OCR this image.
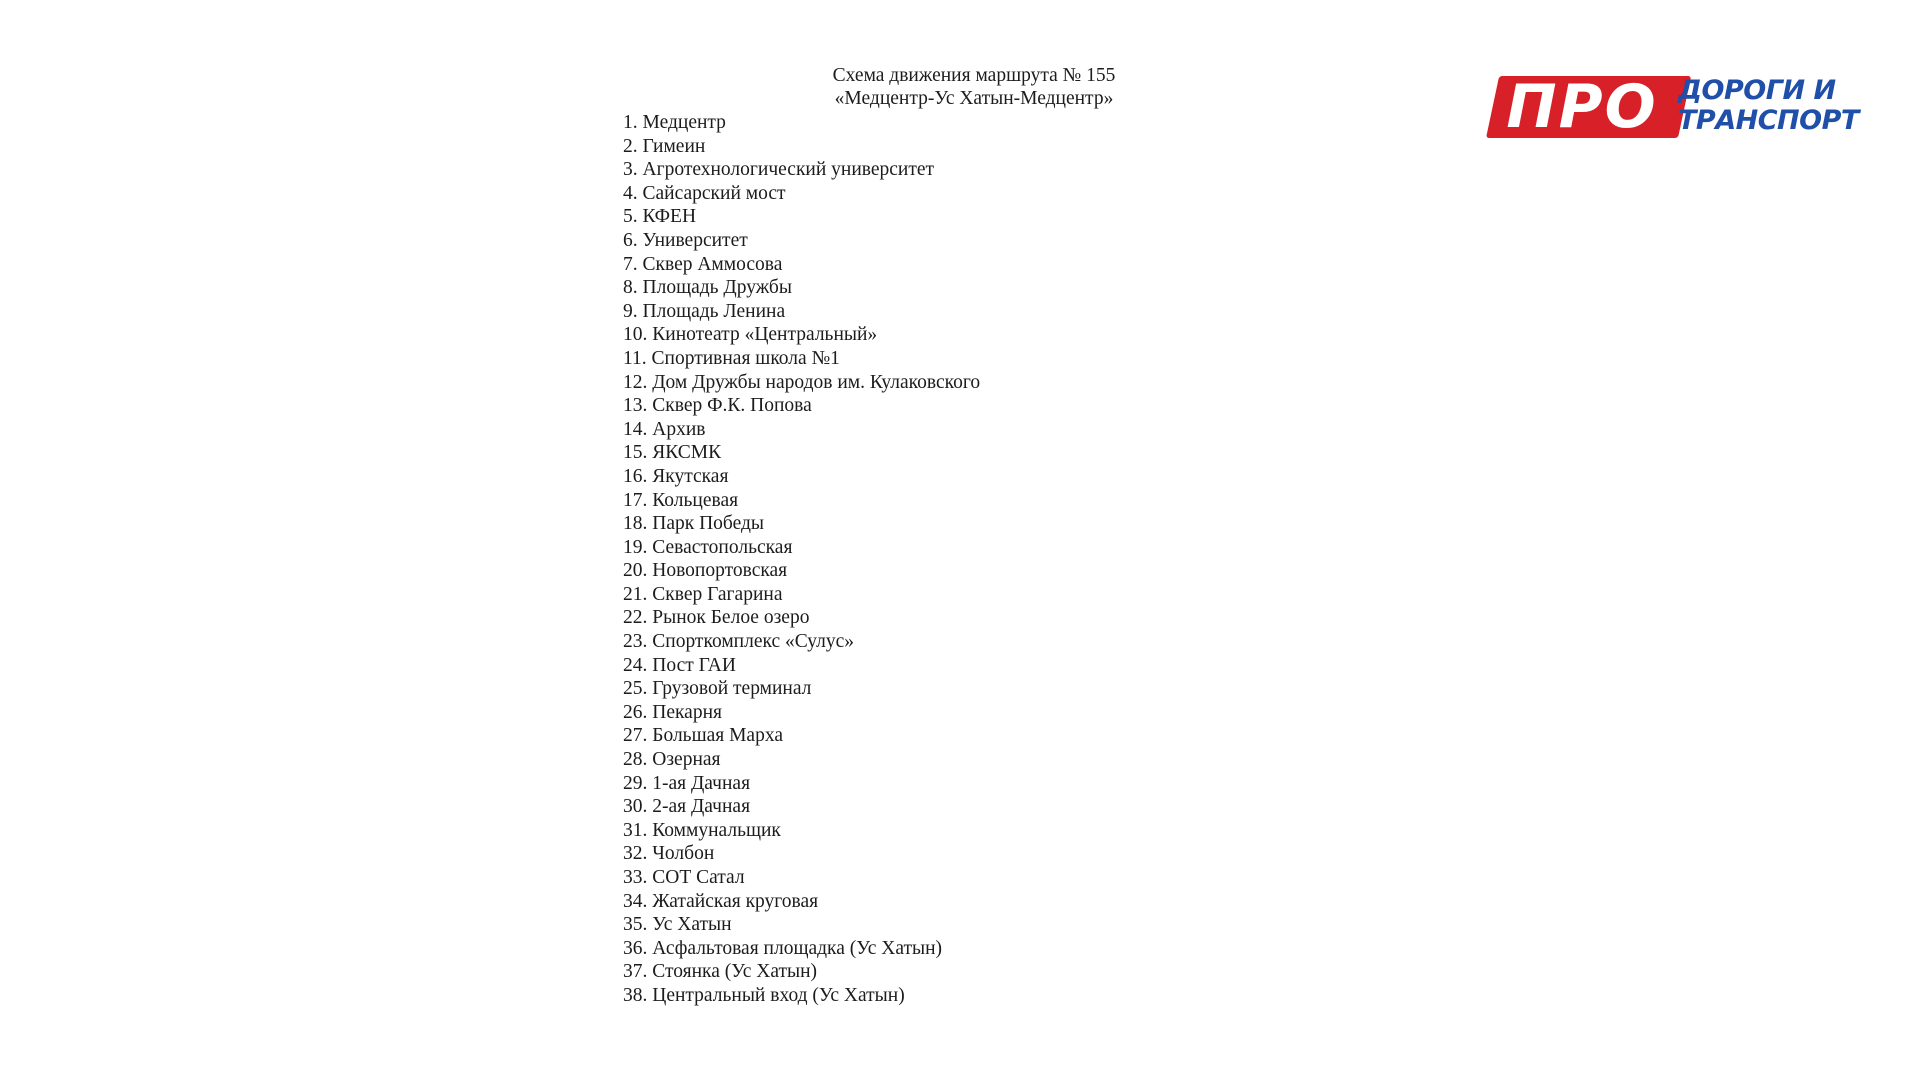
Схема движения маршрута № 155
«Медцентр-Ус Хатын-Медцентр»
1. Медцентр
2. Гимеин
3. Агротехнологический университет
4. Сайсарский мост
5. КФЕН
6. Университет
7. Сквер Аммосова
8. Площадь Дружбы
9. Площадь Ленина
10. Кинотеатр «Центральный»
11. Спортивная школа №1
12. Дом Дружбы народов им. Кулаковского
13. Сквер Ф.К. Попова
14. Архив
15. ЯКСМК
16. Якутская
17. Кольцевая
18. Парк Победы
19. Севастопольская
20. Новопортовская
21. Сквер Гагарина
22. Рынок Белое озеро
23. Спорткомплекс «Сулус»
24. Пост ГАИ
25. Грузовой терминал
26. Пекарня
27. Большая Марха
28. Озерная
29. 1-ая Дачная
30. 2-ая Дачная
31. Коммунальщик
32. Чолбон
33. СОТ Сатал
34. Жатайская круговая
35. Ус Хатын
36. Асфальтовая площадка (Ус Хатын)
37. Стоянка (Ус Хатын)
38. Центральный вход (Ус Хатын)
ПРО ДОРОГИ И
ТРАНСПОРТ
